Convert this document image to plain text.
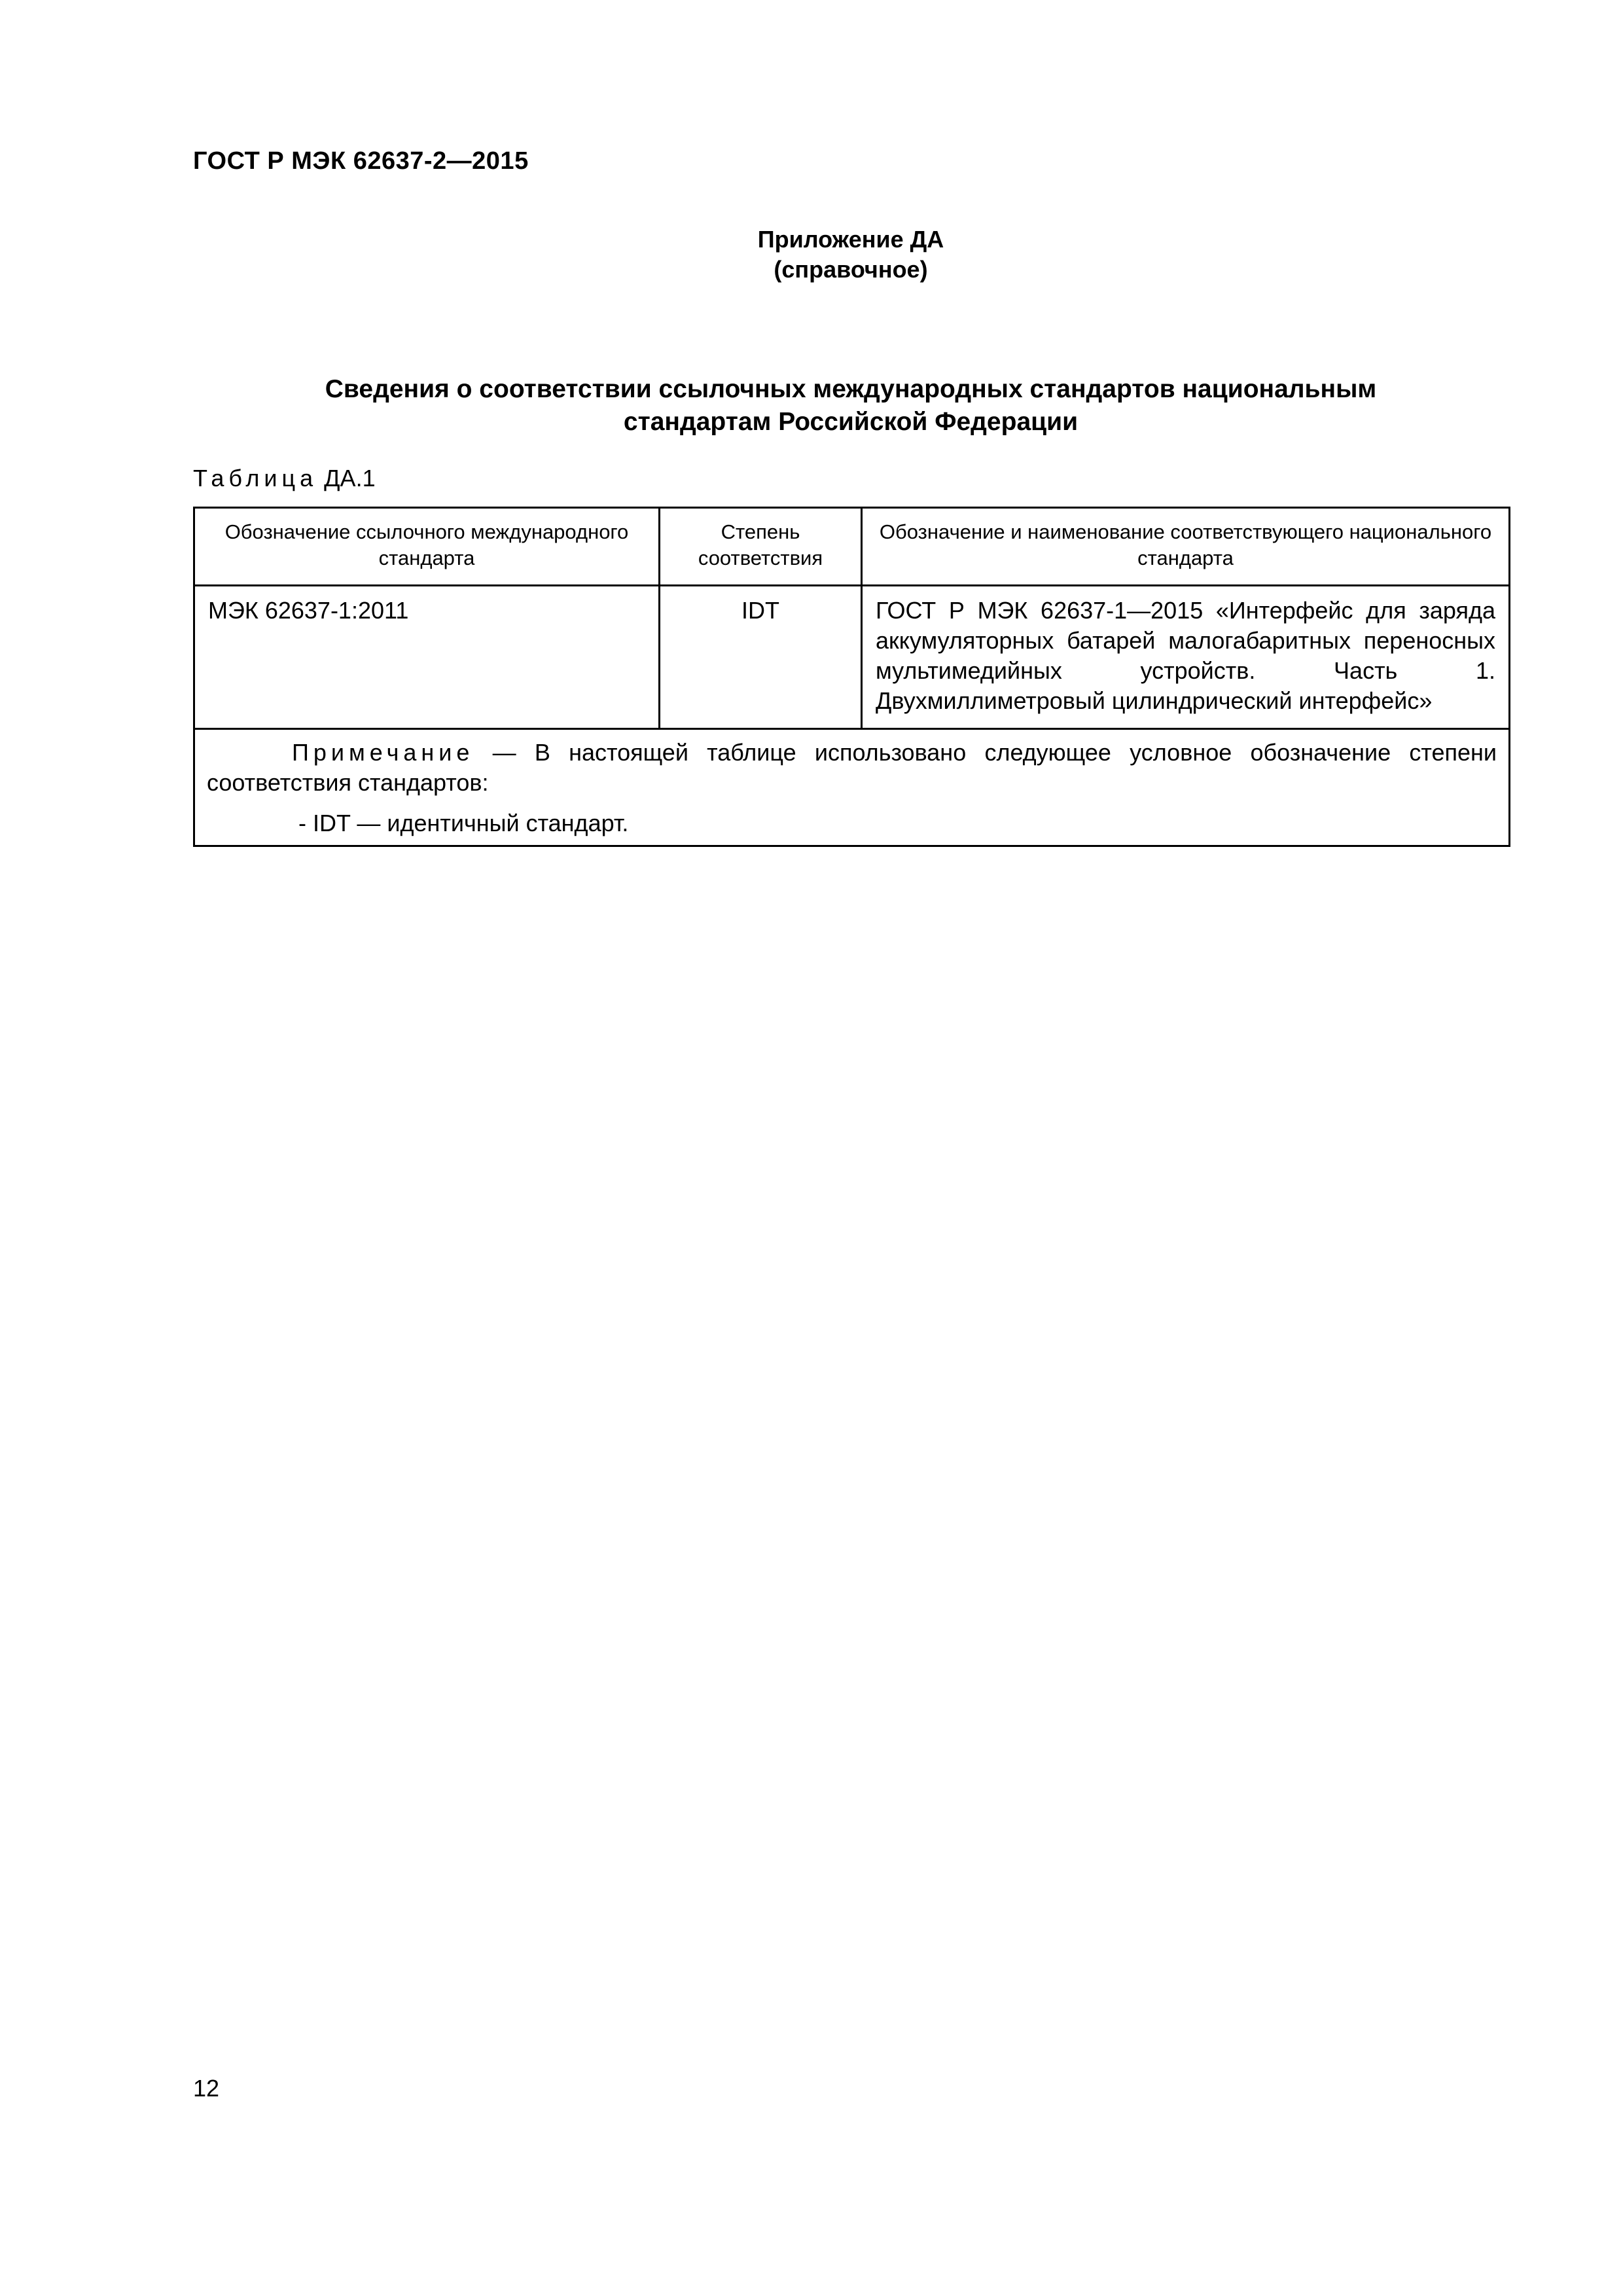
ГОСТ Р МЭК 62637-2—2015
Приложение ДА
(справочное)
Сведения о соответствии ссылочных международных стандартов национальным
стандартам Российской Федерации
Таблица ДА.1
Обозначение ссылочного международного стандарта	Степень соответствия	Обозначение и наименование соответствующего национального стандарта
МЭК 62637-1:2011	IDT	ГОСТ Р МЭК 62637-1—2015 «Интерфейс для заряда аккумуляторных батарей малогабаритных переносных мультимедийных устройств. Часть 1. Двухмиллиметровый цилиндрический интерфейс»

Примечание — В настоящей таблице использовано следующее условное обозначение степени соответствия стандартов:
- IDT — идентичный стандарт.		
12
